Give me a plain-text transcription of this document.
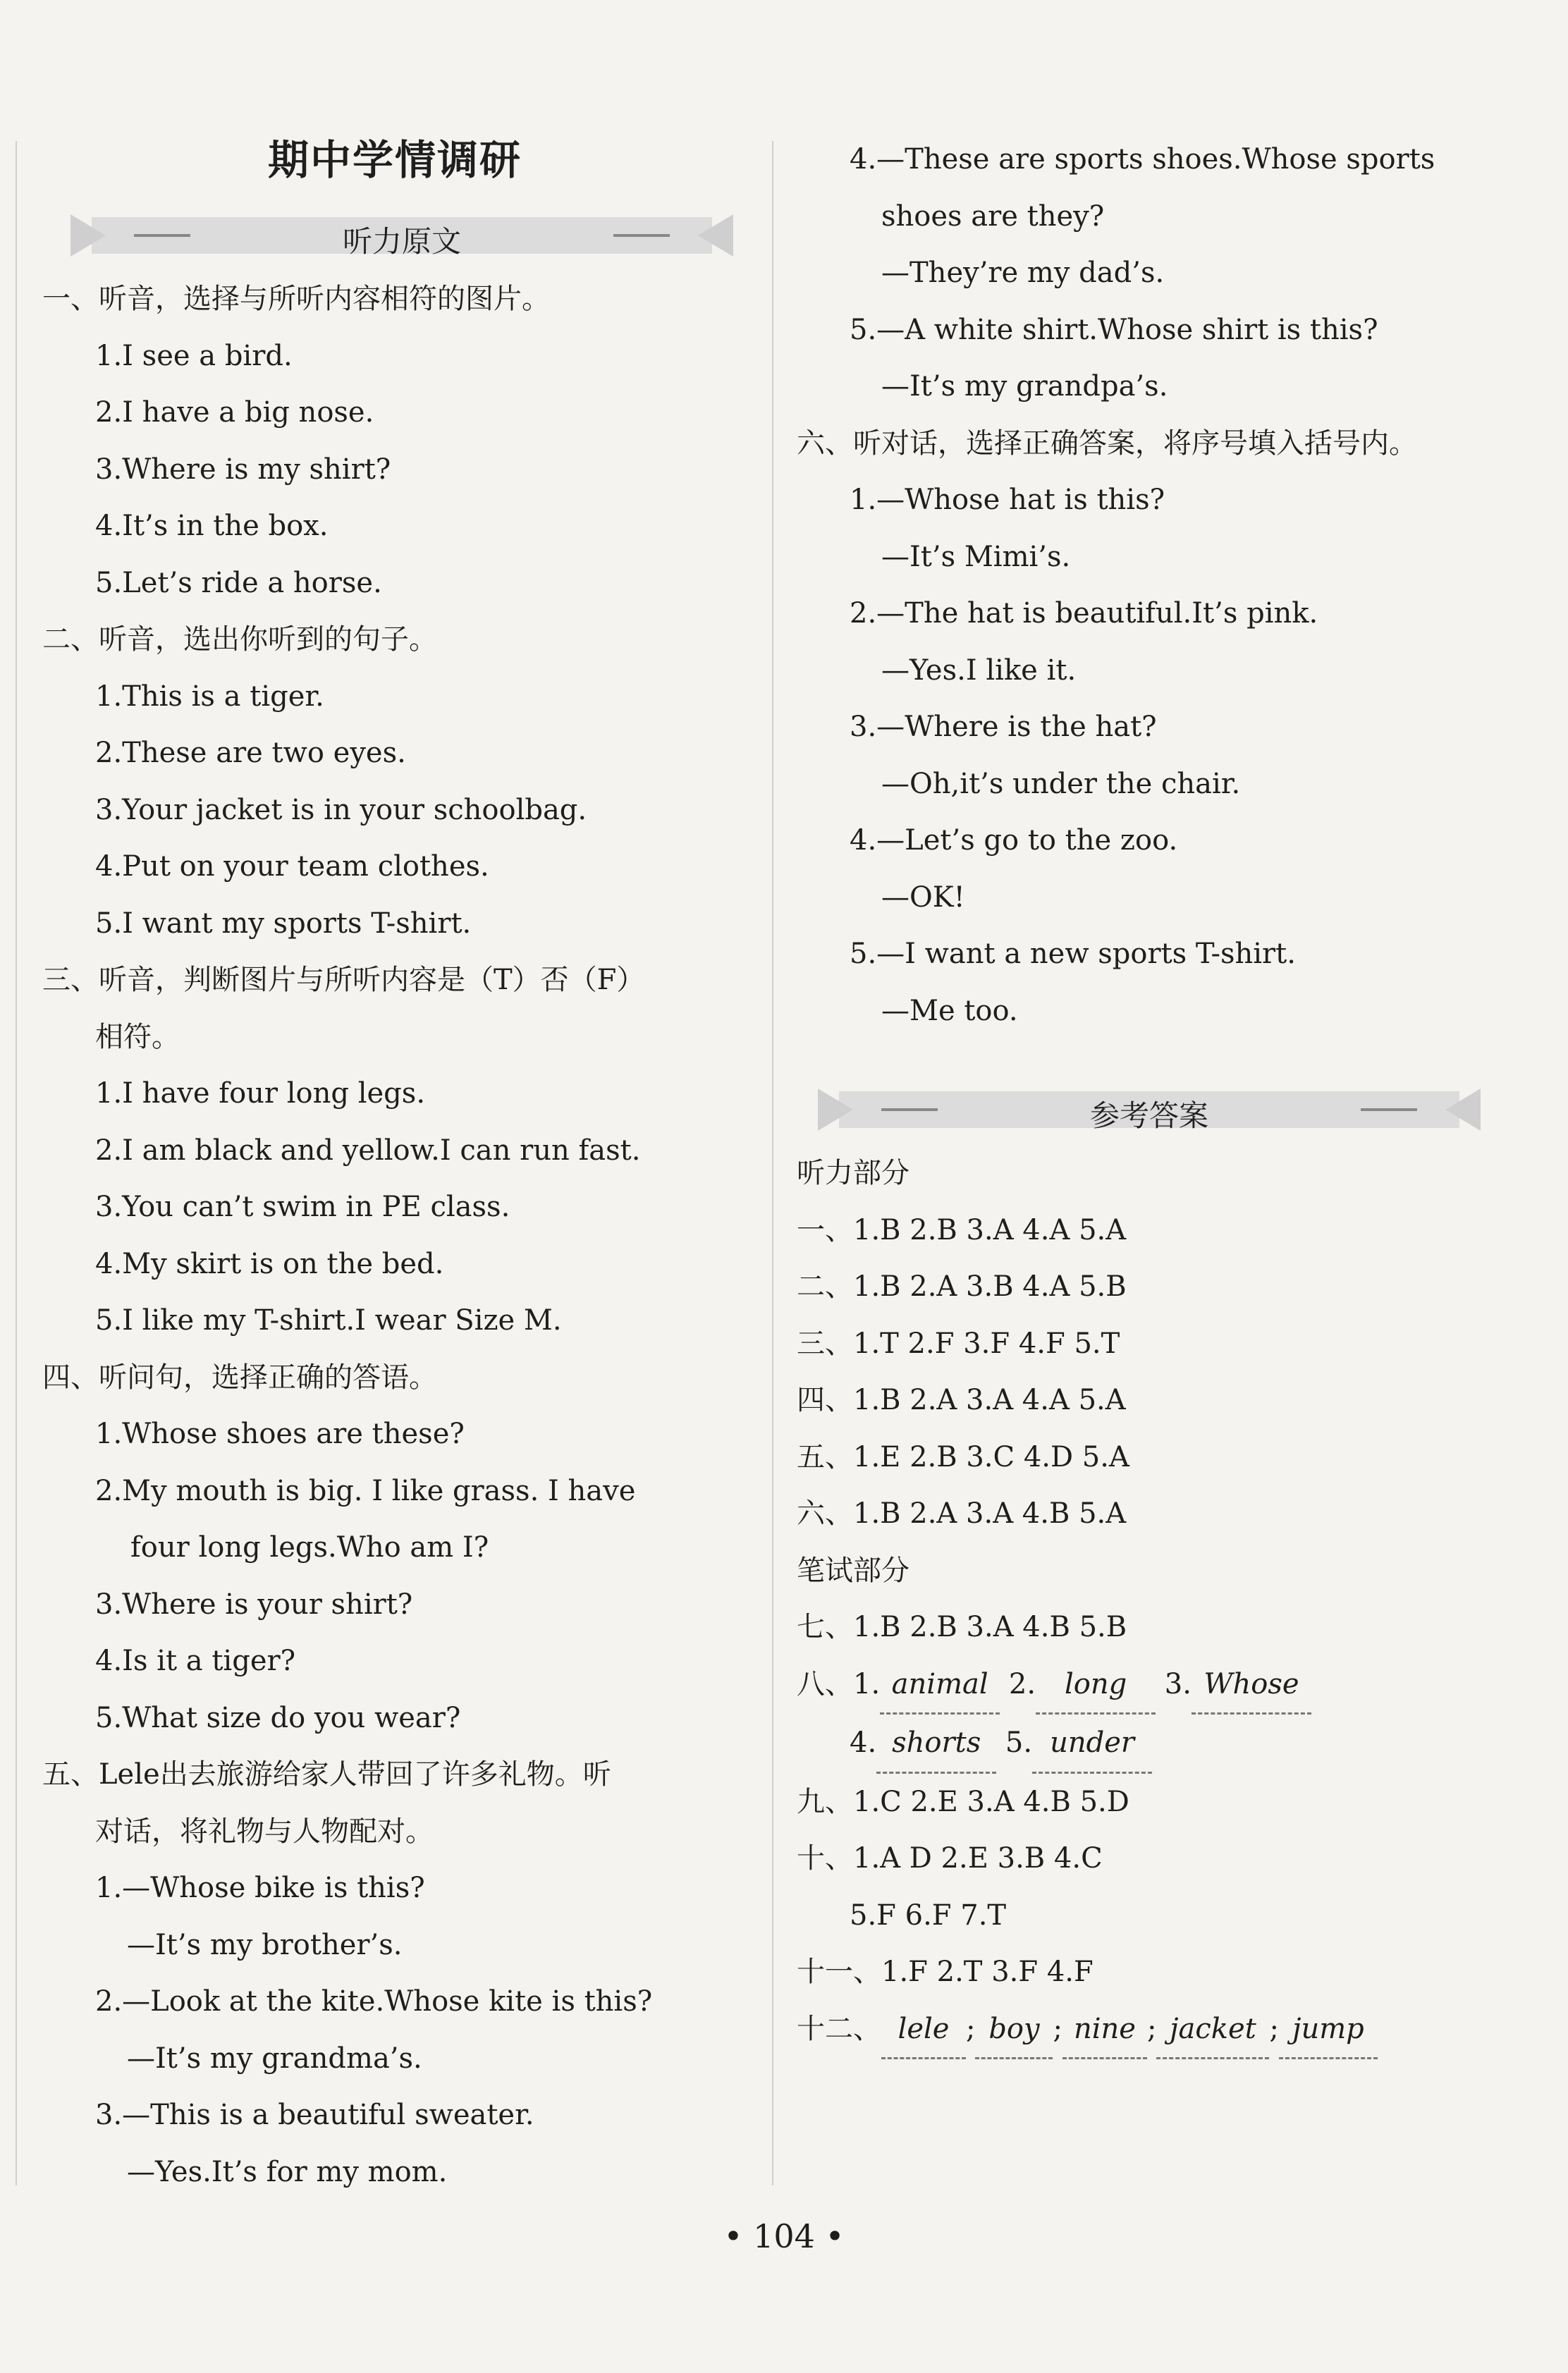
期中学情调研
听力原文
一、听音，选择与所听内容相符的图片。
1.I see a bird.
2.I have a big nose.
3.Where is my shirt?
4.It’s in the box.
5.Let’s ride a horse.
二、听音，选出你听到的句子。
1.This is a tiger.
2.These are two eyes.
3.Your jacket is in your schoolbag.
4.Put on your team clothes.
5.I want my sports T-shirt.
三、听音，判断图片与所听内容是（T）否（F）
相符。
1.I have four long legs.
2.I am black and yellow.I can run fast.
3.You can’t swim in PE class.
4.My skirt is on the bed.
5.I like my T-shirt.I wear Size M.
四、听问句，选择正确的答语。
1.Whose shoes are these?
2.My mouth is big. I like grass. I have
four long legs.Who am I?
3.Where is your shirt?
4.Is it a tiger?
5.What size do you wear?
五、Lele出去旅游给家人带回了许多礼物。听
对话，将礼物与人物配对。
1.—Whose bike is this?
—It’s my brother’s.
2.—Look at the kite.Whose kite is this?
—It’s my grandma’s.
3.—This is a beautiful sweater.
—Yes.It’s for my mom.
4.—These are sports shoes.Whose sports
shoes are they?
—They’re my dad’s.
5.—A white shirt.Whose shirt is this?
—It’s my grandpa’s.
六、听对话，选择正确答案，将序号填入括号内。
1.—Whose hat is this?
—It’s Mimi’s.
2.—The hat is beautiful.It’s pink.
—Yes.I like it.
3.—Where is the hat?
—Oh,it’s under the chair.
4.—Let’s go to the zoo.
—OK!
5.—I want a new sports T-shirt.
—Me too.
参考答案
听力部分
一、1.B 2.B 3.A 4.A 5.A
二、1.B 2.A 3.B 4.A 5.B
三、1.T 2.F 3.F 4.F 5.T
四、1.B 2.A 3.A 4.A 5.A
五、1.E 2.B 3.C 4.D 5.A
六、1.B 2.A 3.A 4.B 5.A
笔试部分
七、1.B 2.B 3.A 4.B 5.B
八、1. animal 2. long 3. Whose
4. shorts 5. under
九、1.C 2.E 3.A 4.B 5.D
十、1.A D 2.E 3.B 4.C
5.F 6.F 7.T
十一、1.F 2.T 3.F 4.F
十二、 lele ; boy ; nine ; jacket ; jump
• 104 •
